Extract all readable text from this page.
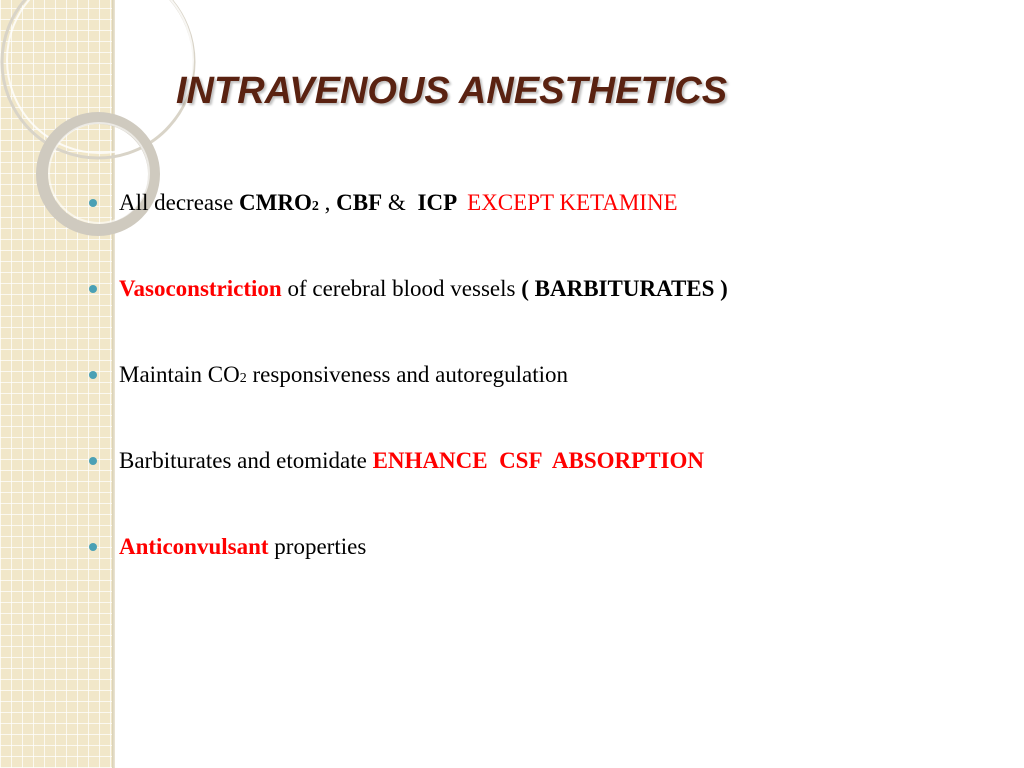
INTRAVENOUS ANESTHETICS
All decrease CMRO2 , CBF & ICP EXCEPT KETAMINE
Vasoconstriction of cerebral blood vessels ( BARBITURATES )
Maintain CO2 responsiveness and autoregulation
Barbiturates and etomidate ENHANCE  CSF  ABSORPTION
Anticonvulsant properties
